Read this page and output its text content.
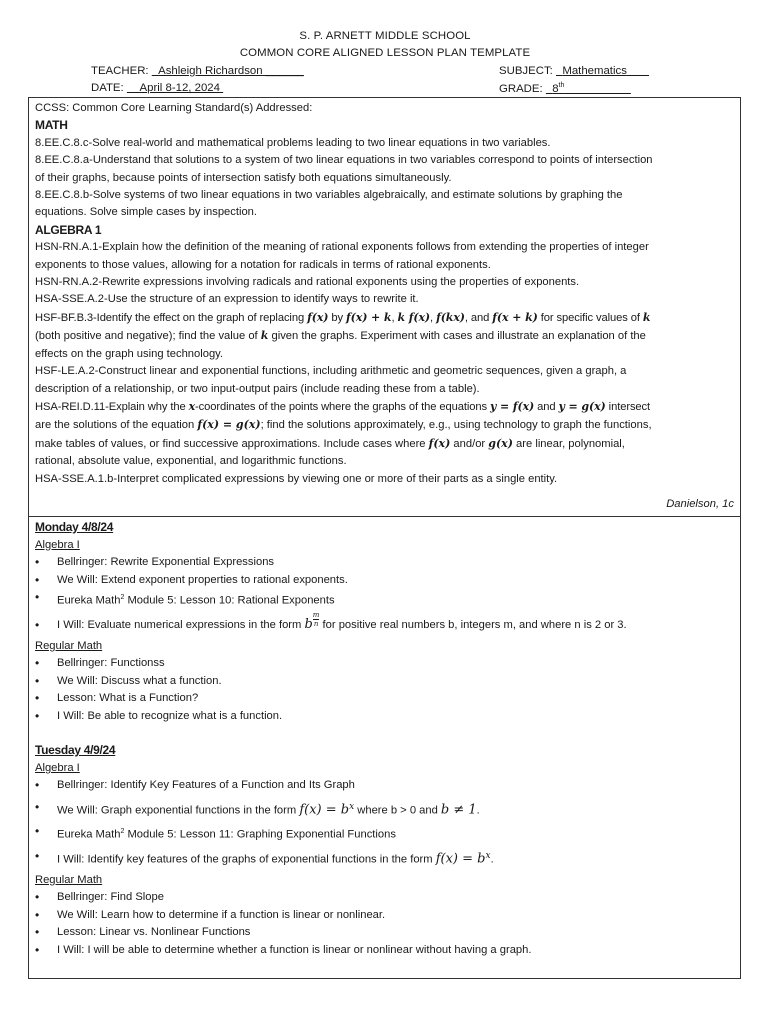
S. P. ARNETT MIDDLE SCHOOL
COMMON CORE ALIGNED LESSON PLAN TEMPLATE
TEACHER: Ashleigh Richardson ______	SUBJECT: Mathematics
DATE: April 8-12, 2024	GRADE: 8th
CCSS: Common Core Learning Standard(s) Addressed:
MATH
8.EE.C.8.c-Solve real-world and mathematical problems leading to two linear equations in two variables.
8.EE.C.8.a-Understand that solutions to a system of two linear equations in two variables correspond to points of intersection
of their graphs, because points of intersection satisfy both equations simultaneously.
8.EE.C.8.b-Solve systems of two linear equations in two variables algebraically, and estimate solutions by graphing the
equations. Solve simple cases by inspection.
ALGEBRA 1
HSN-RN.A.1-Explain how the definition of the meaning of rational exponents follows from extending the properties of integer
exponents to those values, allowing for a notation for radicals in terms of rational exponents.
HSN-RN.A.2-Rewrite expressions involving radicals and rational exponents using the properties of exponents.
HSA-SSE.A.2-Use the structure of an expression to identify ways to rewrite it.
HSF-BF.B.3-Identify the effect on the graph of replacing f(x) by f(x) + k, k f(x), f(kx), and f(x + k) for specific values of k
(both positive and negative); find the value of k given the graphs. Experiment with cases and illustrate an explanation of the
effects on the graph using technology.
HSF-LE.A.2-Construct linear and exponential functions, including arithmetic and geometric sequences, given a graph, a
description of a relationship, or two input-output pairs (include reading these from a table).
HSA-REI.D.11-Explain why the x-coordinates of the points where the graphs of the equations y = f(x) and y = g(x) intersect
are the solutions of the equation f(x) = g(x); find the solutions approximately, e.g., using technology to graph the functions,
make tables of values, or find successive approximations. Include cases where f(x) and/or g(x) are linear, polynomial,
rational, absolute value, exponential, and logarithmic functions.
HSA-SSE.A.1.b-Interpret complicated expressions by viewing one or more of their parts as a single entity.
Danielson, 1c
Monday 4/8/24
Algebra I
• Bellringer: Rewrite Exponential Expressions
• We Will: Extend exponent properties to rational exponents.
• Eureka Math$^2$ Module 5: Lesson 10: Rational Exponents
• I Will: Evaluate numerical expressions in the form b $\frac{m}{n}$ for positive real numbers b, integers m, and where n is 2 or 3.
Regular Math
• Bellringer: Functionss
• We Will: Discuss what a function.
• Lesson: What is a Function?
• I Will: Be able to recognize what is a function.
Tuesday 4/9/24
Algebra I
• Bellringer: Identify Key Features of a Function and Its Graph
• We Will: Graph exponential functions in the form $f(x) = b^x$ where b > 0 and b ≠ 1.
• Eureka Math$^2$ Module 5: Lesson 11: Graphing Exponential Functions
• I Will: Identify key features of the graphs of exponential functions in the form $f(x) = b^x$.
Regular Math
• Bellringer: Find Slope
• We Will: Learn how to determine if a function is linear or nonlinear.
• Lesson: Linear vs. Nonlinear Functions
• I Will: I will be able to determine whether a function is linear or nonlinear without having a graph.
